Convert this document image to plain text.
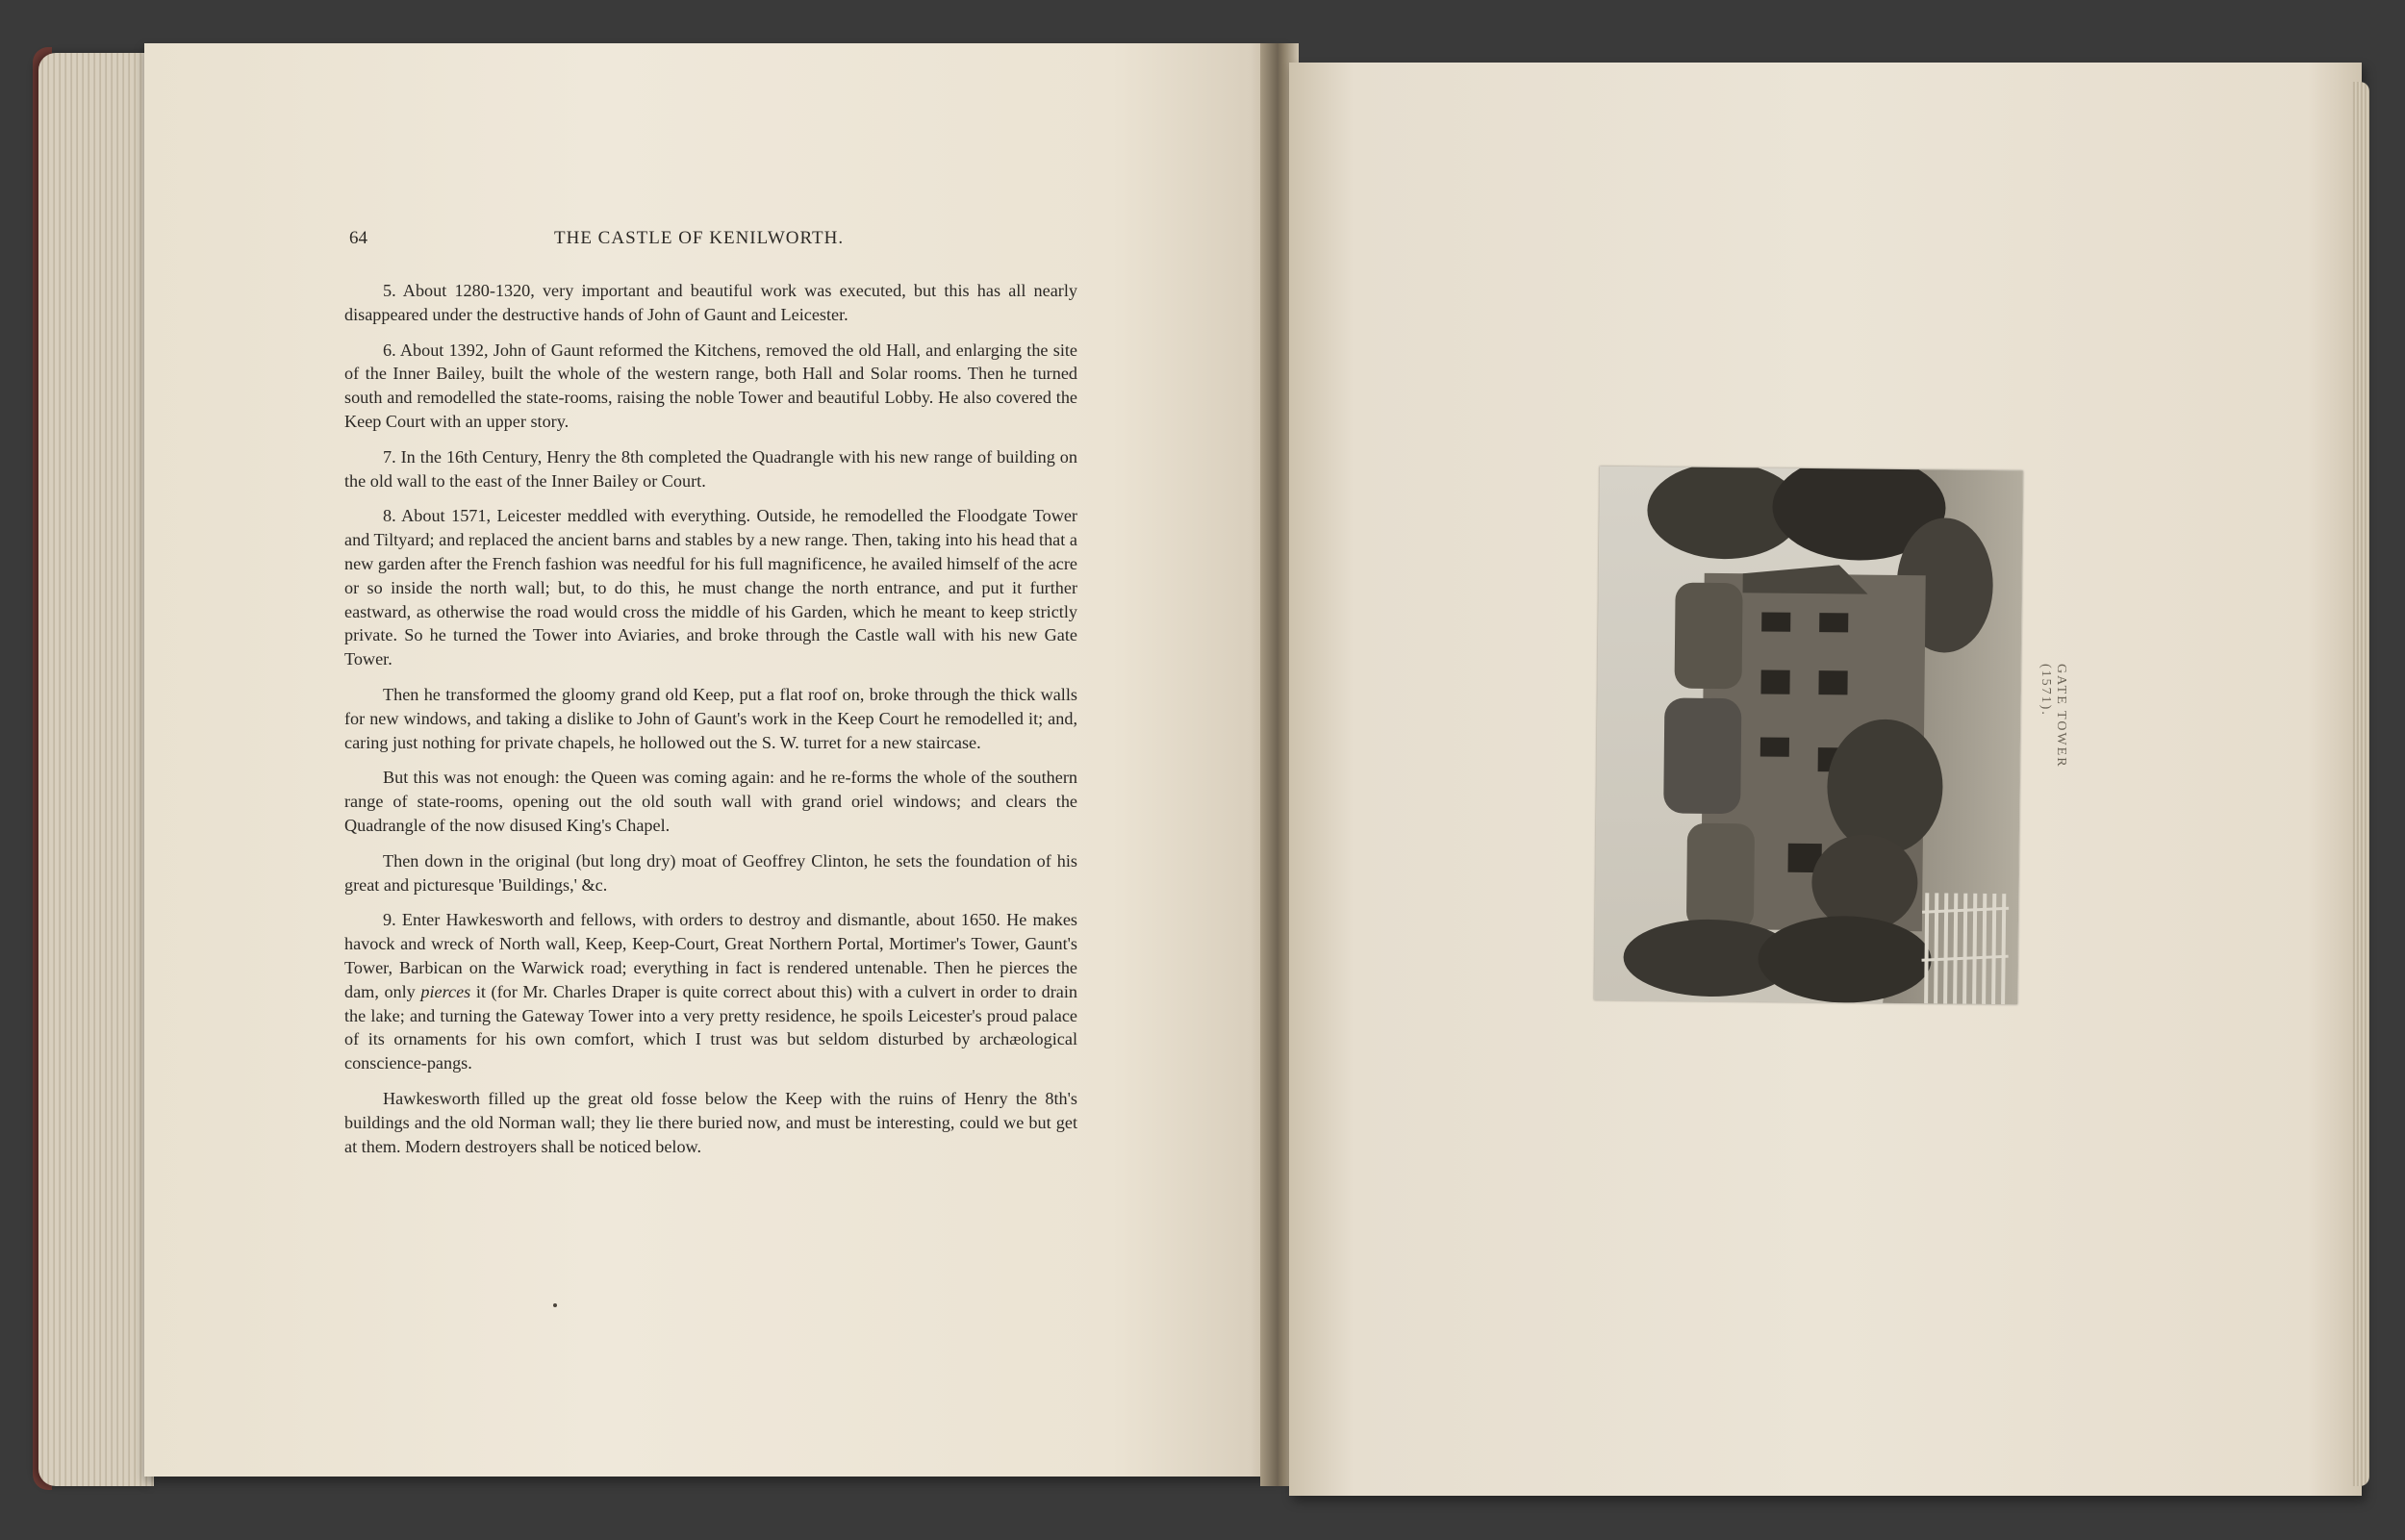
64	THE CASTLE OF KENILWORTH.

5. About 1280-1320, very important and beautiful work was executed, but this has all nearly disappeared under the destructive hands of John of Gaunt and Leicester.

6. About 1392, John of Gaunt reformed the Kitchens, removed the old Hall, and enlarging the site of the Inner Bailey, built the whole of the western range, both Hall and Solar rooms. Then he turned south and remodelled the state-rooms, raising the noble Tower and beautiful Lobby. He also covered the Keep Court with an upper story.

7. In the 16th Century, Henry the 8th completed the Quadrangle with his new range of building on the old wall to the east of the Inner Bailey or Court.

8. About 1571, Leicester meddled with everything. Outside, he remodelled the Floodgate Tower and Tiltyard; and replaced the ancient barns and stables by a new range. Then, taking into his head that a new garden after the French fashion was needful for his full magnificence, he availed himself of the acre or so inside the north wall; but, to do this, he must change the north entrance, and put it further eastward, as otherwise the road would cross the middle of his Garden, which he meant to keep strictly private. So he turned the Tower into Aviaries, and broke through the Castle wall with his new Gate Tower.

Then he transformed the gloomy grand old Keep, put a flat roof on, broke through the thick walls for new windows, and taking a dislike to John of Gaunt's work in the Keep Court he remodelled it; and, caring just nothing for private chapels, he hollowed out the S. W. turret for a new staircase.

But this was not enough: the Queen was coming again: and he re-forms the whole of the southern range of state-rooms, opening out the old south wall with grand oriel windows; and clears the Quadrangle of the now disused King's Chapel.

Then down in the original (but long dry) moat of Geoffrey Clinton, he sets the foundation of his great and picturesque 'Buildings,' &c.

9. Enter Hawkesworth and fellows, with orders to destroy and dismantle, about 1650. He makes havock and wreck of North wall, Keep, Keep-Court, Great Northern Portal, Mortimer's Tower, Gaunt's Tower, Barbican on the Warwick road; everything in fact is rendered untenable. Then he pierces the dam, only pierces it (for Mr. Charles Draper is quite correct about this) with a culvert in order to drain the lake; and turning the Gateway Tower into a very pretty residence, he spoils Leicester's proud palace of its ornaments for his own comfort, which I trust was but seldom disturbed by archæological conscience-pangs.

Hawkesworth filled up the great old fosse below the Keep with the ruins of Henry the 8th's buildings and the old Norman wall; they lie there buried now, and must be interesting, could we but get at them. Modern destroyers shall be noticed below.

GATE TOWER (1571).
